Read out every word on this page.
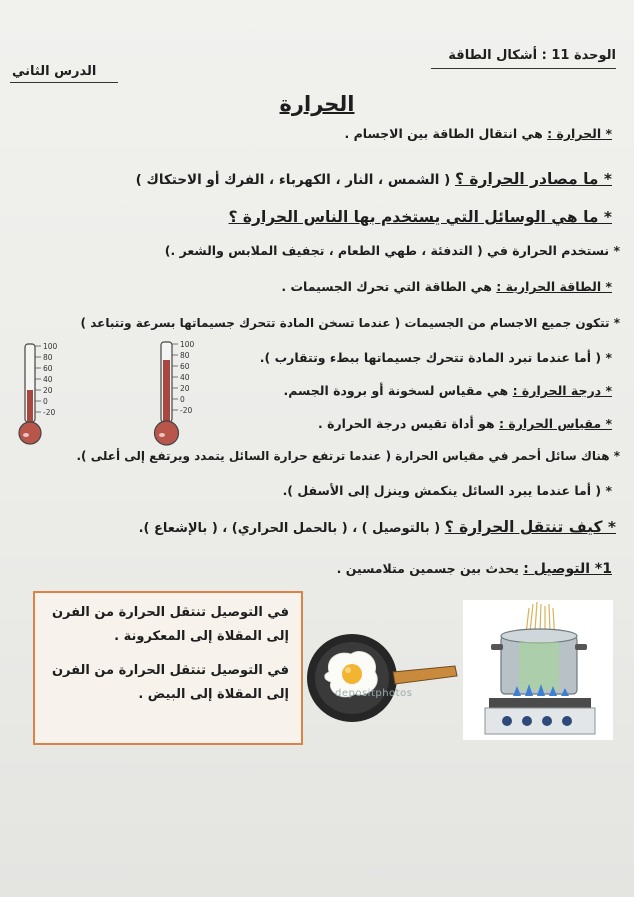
الوحدة 11 : أشكال الطاقة
الدرس الثاني
الحرارة
* الحرارة : هي انتقال الطاقة بين الاجسام .
* ما مصادر الحرارة ؟ ( الشمس ، النار ، الكهرباء ، الفرك أو الاحتكاك )
* ما هي الوسائل التي يستخدم بها الناس الحرارة ؟
* نستخدم الحرارة في ( التدفئة ، طهي الطعام ، تجفيف الملابس والشعر .)
* الطاقة الحرارية : هي الطاقة التي تحرك الجسيمات .
* تتكون جميع الاجسام من الجسيمات ( عندما تسخن المادة تتحرك جسيماتها بسرعة وتتباعد )
* ( أما عندما تبرد المادة تتحرك جسيماتها ببطء وتتقارب ).
* درجة الحرارة : هي مقياس لسخونة أو برودة الجسم.
* مقياس الحرارة : هو أداة تقيس درجة الحرارة .
* هناك سائل أحمر في مقياس الحرارة ( عندما ترتفع حرارة السائل يتمدد ويرتفع إلى أعلى ).
* ( أما عندما يبرد السائل ينكمش وينزل إلى الأسفل ).
* كيف تنتقل الحرارة ؟ ( بالتوصيل ) ، ( بالحمل الحراري) ، ( بالإشعاع ).
1* التوصيل : يحدث بين جسمين متلامسين .
100
80
60
40
20
0
-20
100
80
60
40
20
0
-20

في التوصيل تنتقل الحرارة من الفرن إلى المقلاة إلى المعكرونة .

في التوصيل تنتقل الحرارة من الفرن إلى المقلاة إلى البيض .	depositphotos
